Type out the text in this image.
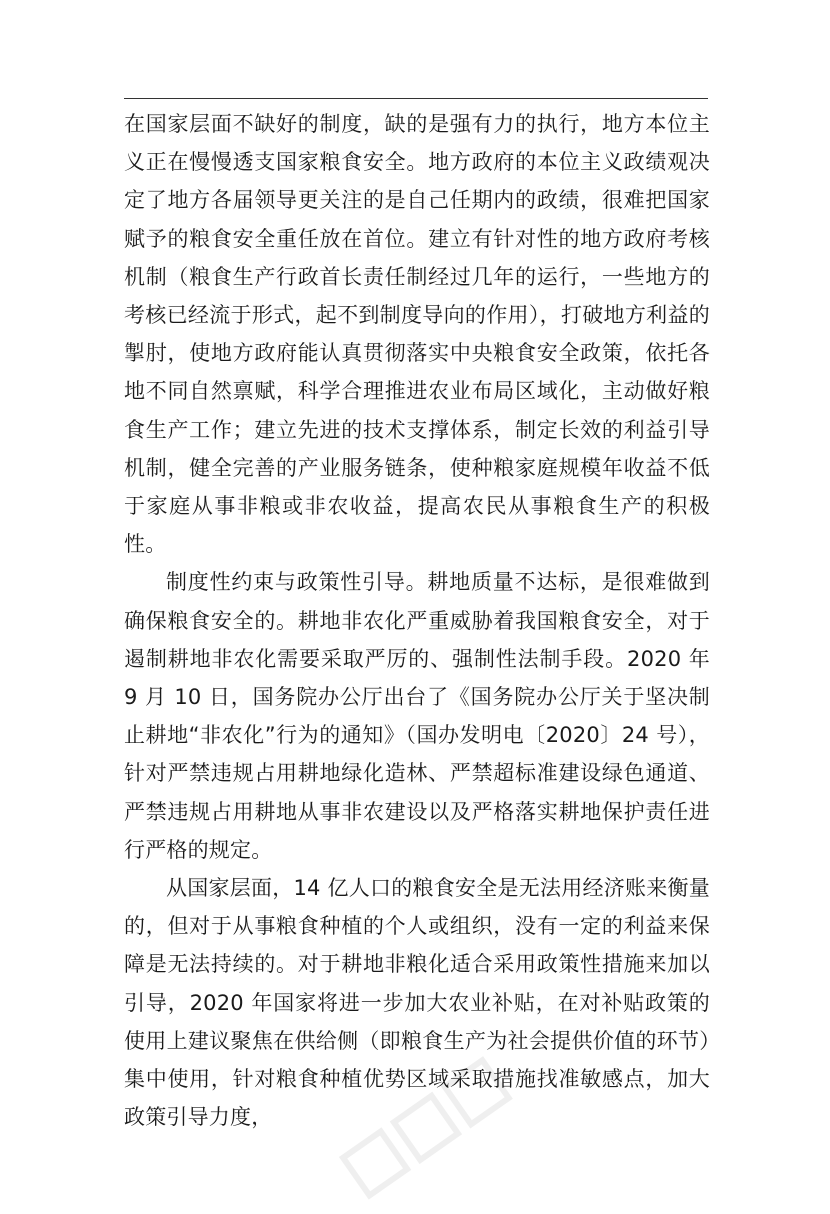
在国家层面不缺好的制度，缺的是强有力的执行，地方本位主义正在慢慢透支国家粮食安全。地方政府的本位主义政绩观决定了地方各届领导更关注的是自己任期内的政绩，很难把国家赋予的粮食安全重任放在首位。建立有针对性的地方政府考核机制（粮食生产行政首长责任制经过几年的运行，一些地方的考核已经流于形式，起不到制度导向的作用），打破地方利益的掣肘，使地方政府能认真贯彻落实中央粮食安全政策，依托各地不同自然禀赋，科学合理推进农业布局区域化，主动做好粮食生产工作；建立先进的技术支撑体系，制定长效的利益引导机制，健全完善的产业服务链条，使种粮家庭规模年收益不低于家庭从事非粮或非农收益，提高农民从事粮食生产的积极性。

制度性约束与政策性引导。耕地质量不达标，是很难做到确保粮食安全的。耕地非农化严重威胁着我国粮食安全，对于遏制耕地非农化需要采取严厉的、强制性法制手段。2020 年 9 月 10 日，国务院办公厅出台了《国务院办公厅关于坚决制止耕地“非农化”行为的通知》（国办发明电〔2020〕24 号），针对严禁违规占用耕地绿化造林、严禁超标准建设绿色通道、严禁违规占用耕地从事非农建设以及严格落实耕地保护责任进行严格的规定。

从国家层面，14 亿人口的粮食安全是无法用经济账来衡量的，但对于从事粮食种植的个人或组织，没有一定的利益来保障是无法持续的。对于耕地非粮化适合采用政策性措施来加以引导，2020 年国家将进一步加大农业补贴，在对补贴政策的使用上建议聚焦在供给侧（即粮食生产为社会提供价值的环节）集中使用，针对粮食种植优势区域采取措施找准敏感点，加大政策引导力度，
